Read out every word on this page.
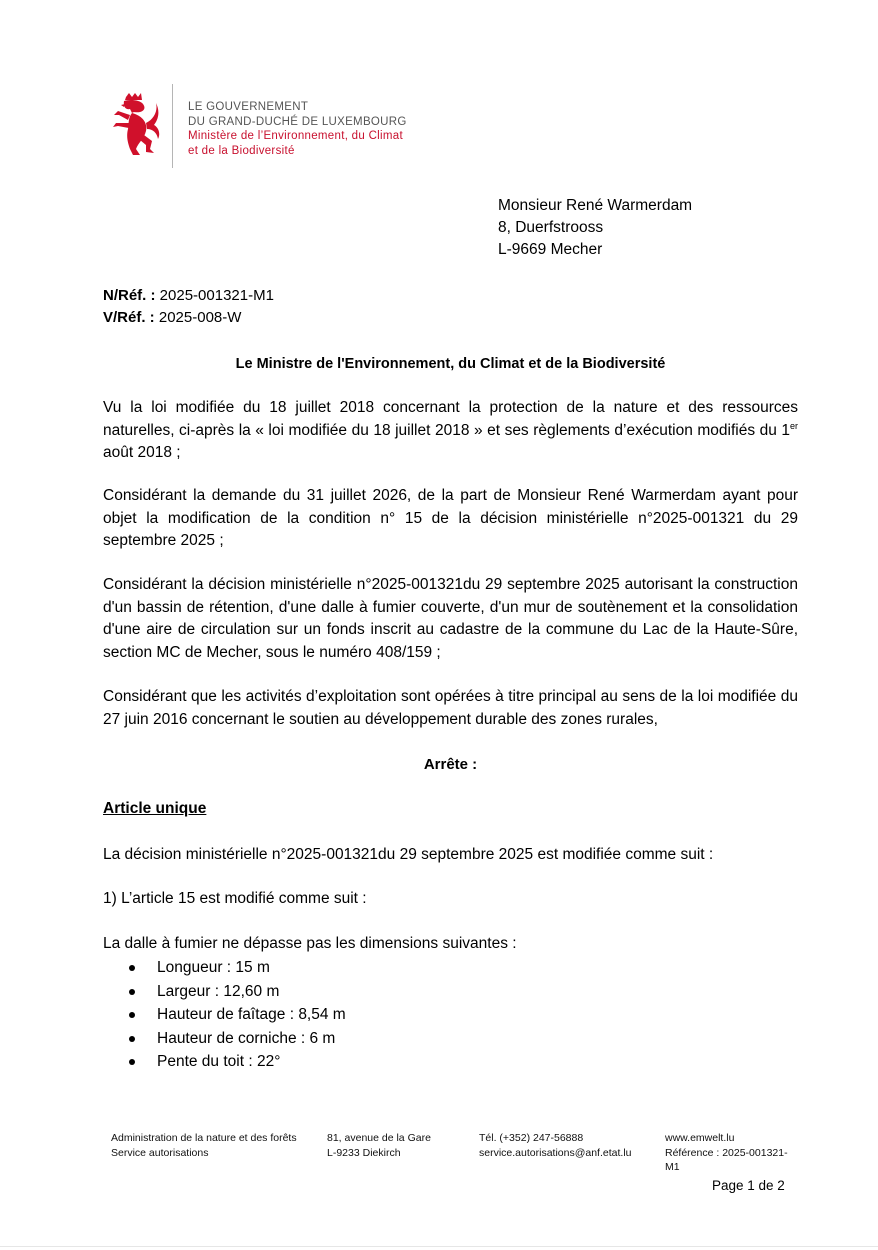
LE GOUVERNEMENT
DU GRAND-DUCHÉ DE LUXEMBOURG
Ministère de l’Environnement, du Climat
et de la Biodiversité
Monsieur René Warmerdam
8, Duerfstrooss
L-9669 Mecher
N/Réf. : 2025-001321-M1
V/Réf. : 2025-008-W
Le Ministre de l'Environnement, du Climat et de la Biodiversité

Vu la loi modifiée du 18 juillet 2018 concernant la protection de la nature et des ressources naturelles, ci-après la « loi modifiée du 18 juillet 2018 » et ses règlements d’exécution modifiés du 1er août 2018 ;

Considérant la demande du 31 juillet 2026, de la part de Monsieur René Warmerdam ayant pour objet la modification de la condition n° 15 de la décision ministérielle n°2025-001321 du 29 septembre 2025 ;

Considérant la décision ministérielle n°2025-001321du 29 septembre 2025 autorisant la construction d'un bassin de rétention, d'une dalle à fumier couverte, d'un mur de soutènement et la consolidation d'une aire de circulation sur un fonds inscrit au cadastre de la commune du Lac de la Haute-Sûre, section MC de Mecher, sous le numéro 408/159 ;

Considérant que les activités d’exploitation sont opérées à titre principal au sens de la loi modifiée du 27 juin 2016 concernant le soutien au développement durable des zones rurales,

Arrête :
Article unique

La décision ministérielle n°2025-001321du 29 septembre 2025 est modifiée comme suit :

1) L’article 15 est modifié comme suit :

La dalle à fumier ne dépasse pas les dimensions suivantes :
Longueur : 15 m
Largeur : 12,60 m
Hauteur de faîtage : 8,54 m
Hauteur de corniche : 6 m
Pente du toit : 22°
Administration de la nature et des forêts
Service autorisations
81, avenue de la Gare
L-9233 Diekirch
Tél. (+352) 247-56888
service.autorisations@anf.etat.lu
www.emwelt.lu
Référence : 2025-001321-
M1
Page 1 de 2
